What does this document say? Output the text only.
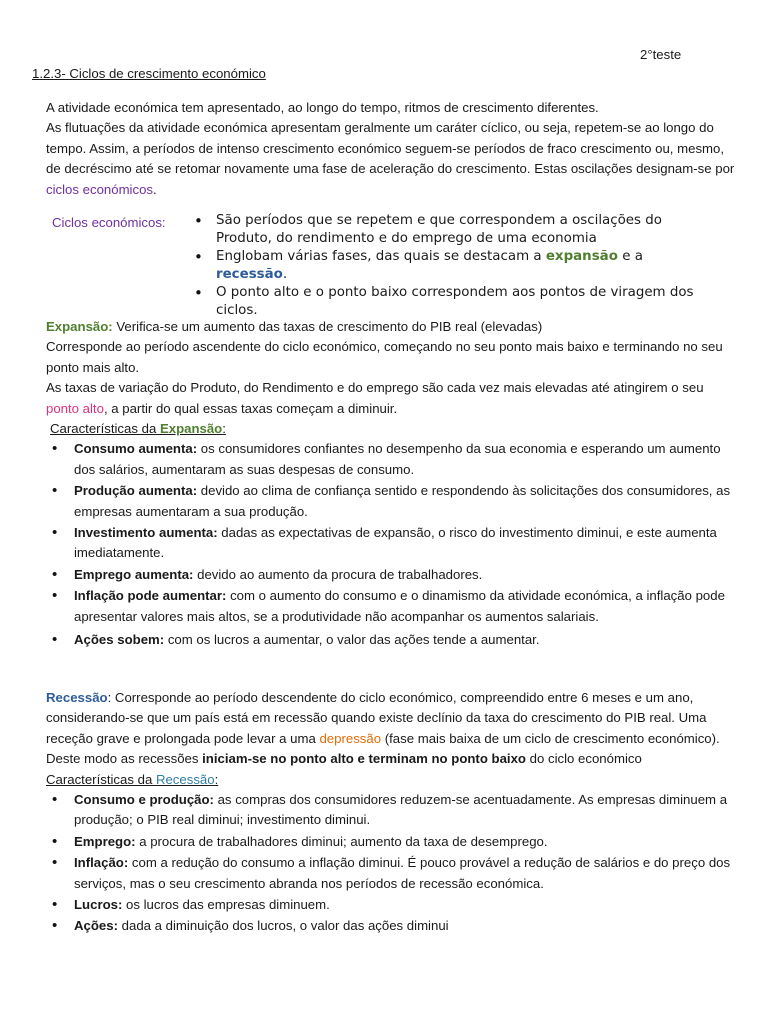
2°teste
1.2.3- Ciclos de crescimento económico

A atividade económica tem apresentado, ao longo do tempo, ritmos de crescimento diferentes.

As flutuações da atividade económica apresentam geralmente um caráter cíclico, ou seja, repetem-se ao longo do tempo. Assim, a períodos de intenso crescimento económico seguem-se períodos de fraco crescimento ou, mesmo, de decréscimo até se retomar novamente uma fase de aceleração do crescimento. Estas oscilações designam-se por ciclos económicos.

Ciclos económicos:
•	São períodos que se repetem e que correspondem a oscilações do Produto, do rendimento e do emprego de uma economia
• Englobam várias fases, das quais se destacam a expansão e a recessão.
• O ponto alto e o ponto baixo correspondem aos pontos de viragem dos ciclos.

Expansão: Verifica-se um aumento das taxas de crescimento do PIB real (elevadas)

Corresponde ao período ascendente do ciclo económico, começando no seu ponto mais baixo e terminando no seu ponto mais alto.

As taxas de variação do Produto, do Rendimento e do emprego são cada vez mais elevadas até atingirem o seu ponto alto, a partir do qual essas taxas começam a diminuir.

Características da Expansão:

• Consumo aumenta: os consumidores confiantes no desempenho da sua economia e esperando um aumento dos salários, aumentaram as suas despesas de consumo.
• Produção aumenta: devido ao clima de confiança sentido e respondendo às solicitações dos consumidores, as empresas aumentaram a sua produção.
• Investimento aumenta: dadas as expectativas de expansão, o risco do investimento diminui, e este aumenta imediatamente.
• Emprego aumenta: devido ao aumento da procura de trabalhadores.
• Inflação pode aumentar: com o aumento do consumo e o dinamismo da atividade económica, a inflação pode apresentar valores mais altos, se a produtividade não acompanhar os aumentos salariais.
• Ações sobem: com os lucros a aumentar, o valor das ações tende a aumentar.

Recessão: Corresponde ao período descendente do ciclo económico, compreendido entre 6 meses e um ano, considerando-se que um país está em recessão quando existe declínio da taxa do crescimento do PIB real. Uma receção grave e prolongada pode levar a uma depressão (fase mais baixa de um ciclo de crescimento económico). Deste modo as recessões iniciam-se no ponto alto e terminam no ponto baixo do ciclo económico

Características da Recessão:

• Consumo e produção: as compras dos consumidores reduzem-se acentuadamente. As empresas diminuem a produção; o PIB real diminui; investimento diminui.
• Emprego: a procura de trabalhadores diminui; aumento da taxa de desemprego.
• Inflação: com a redução do consumo a inflação diminui. É pouco provável a redução de salários e do preço dos serviços, mas o seu crescimento abranda nos períodos de recessão económica.
• Lucros: os lucros das empresas diminuem.
• Ações: dada a diminuição dos lucros, o valor das ações diminui
